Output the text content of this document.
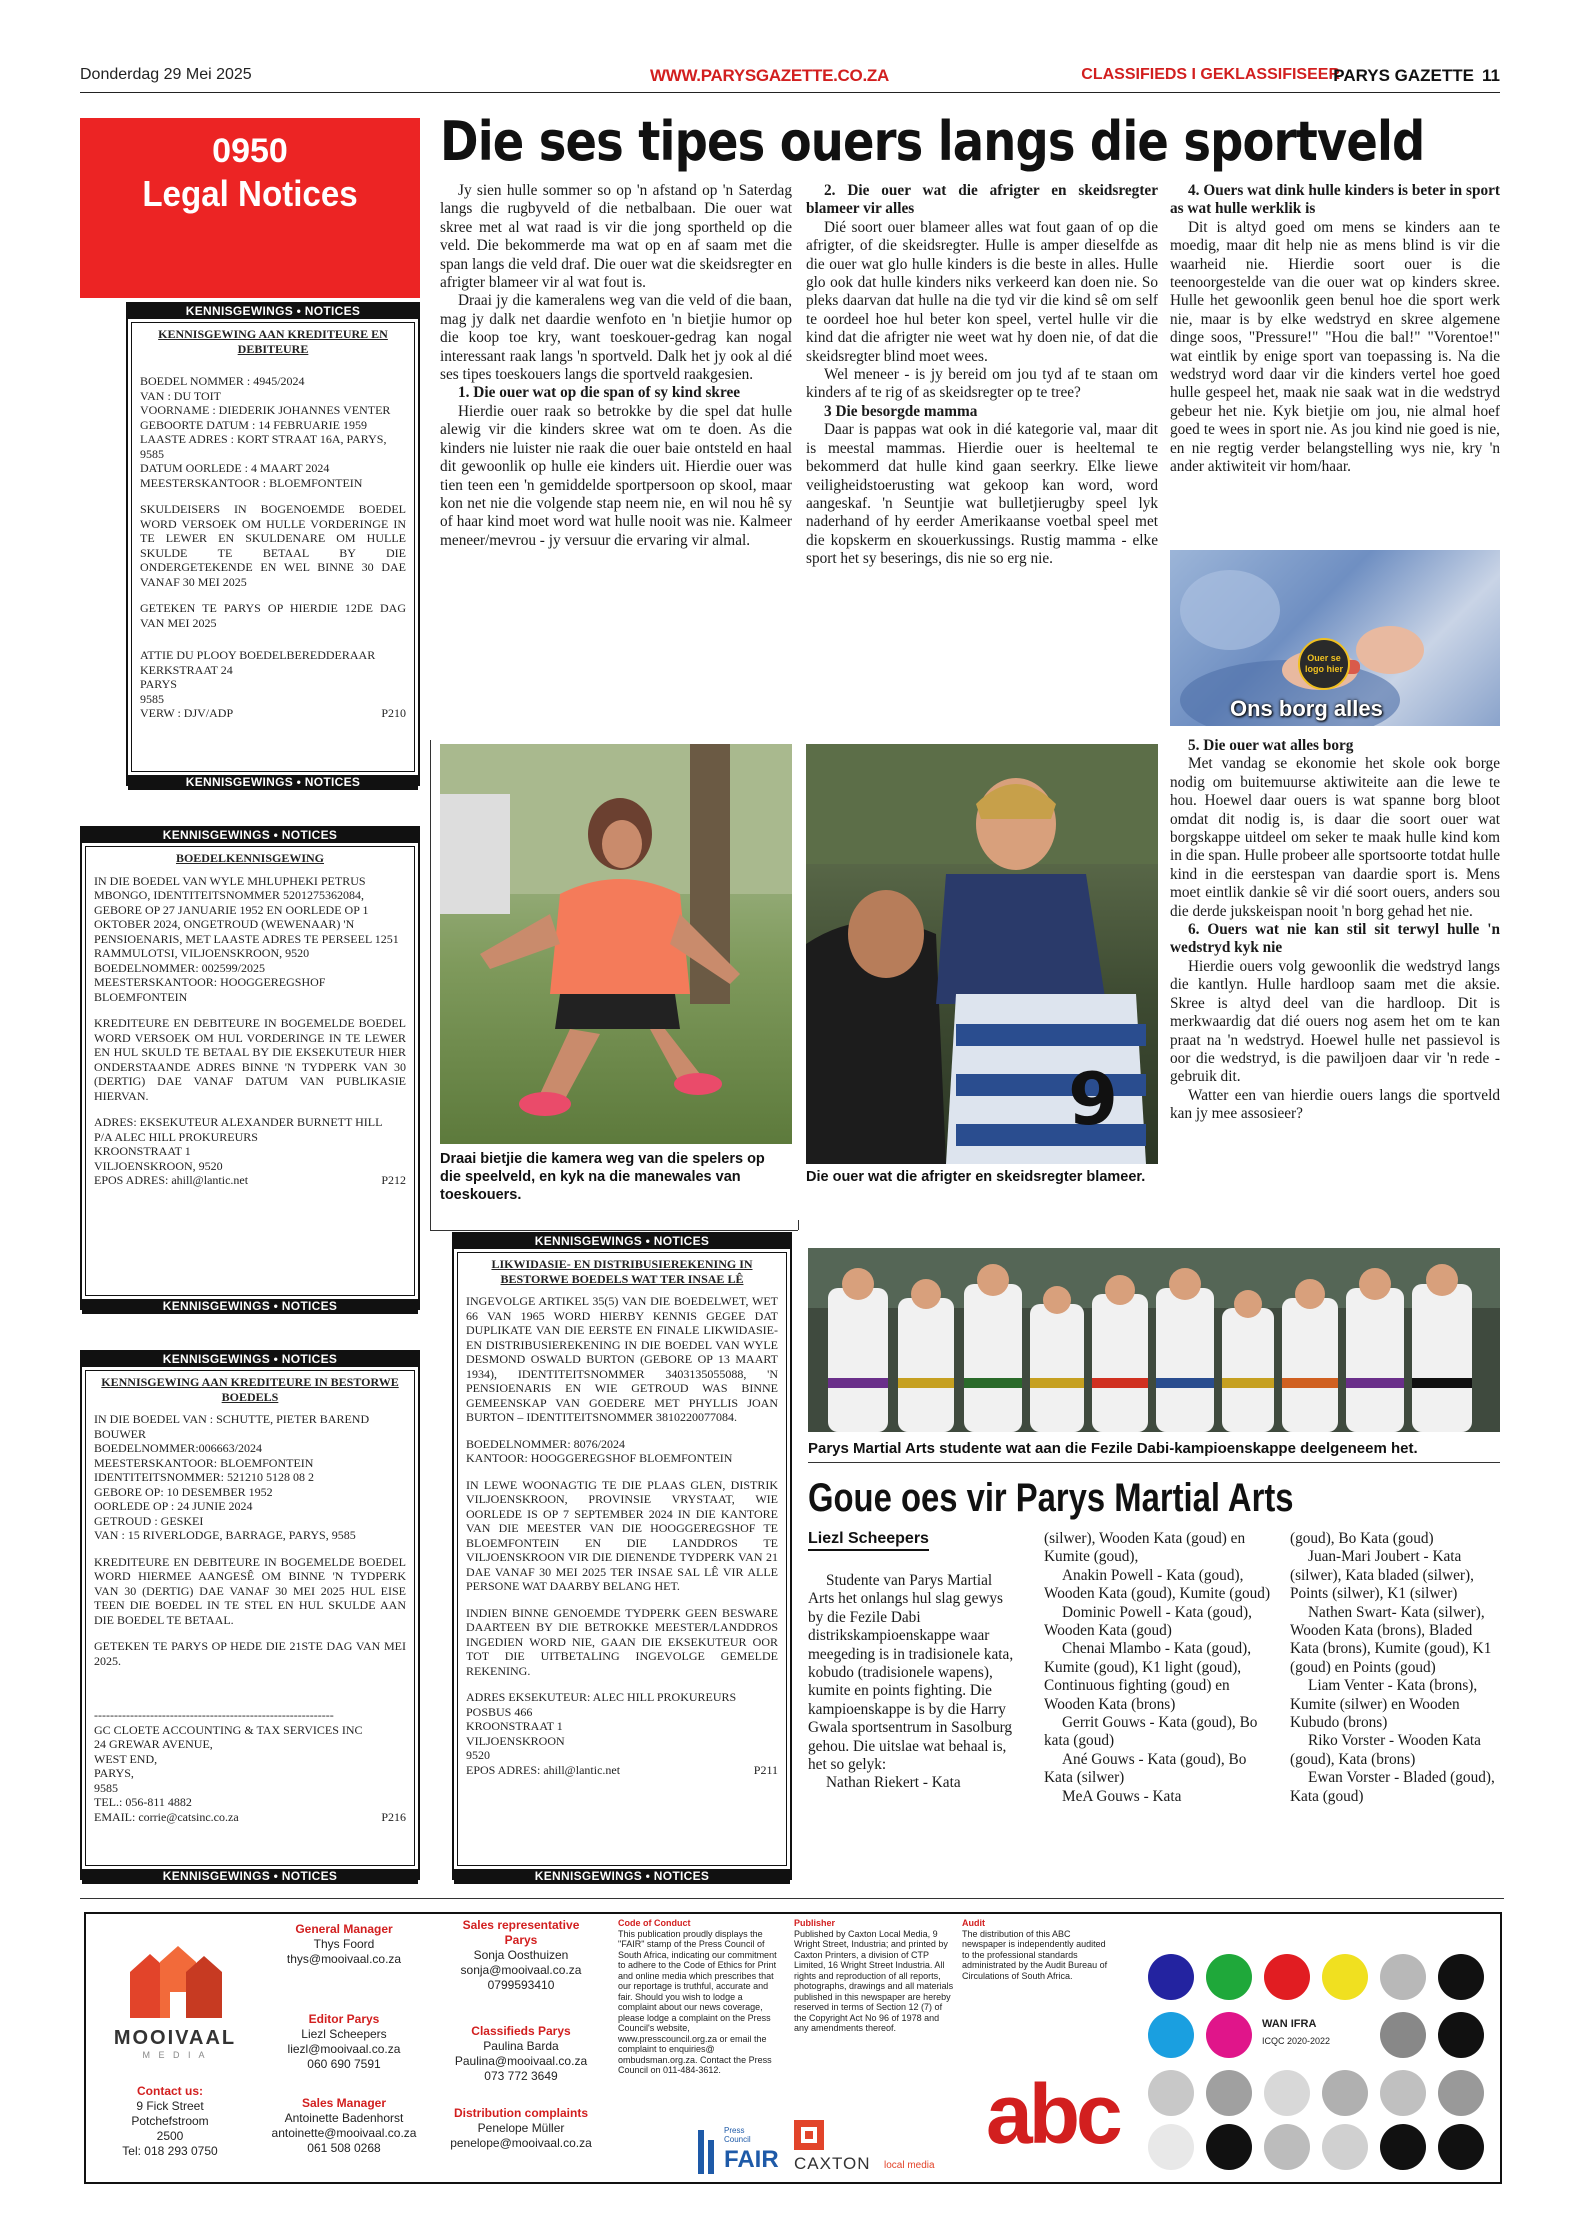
Donderdag 29 Mei 2025	WWW.PARYSGAZETTE.CO.ZA	CLASSIFIEDS I GEKLASSIFISEER
PARYS GAZETTE 11
0950
Legal Notices
KENNISGEWINGS • NOTICES
KENNISGEWING AAN KREDITEURE EN DEBITEURE

BOEDEL NOMMER : 4945/2024
VAN : DU TOIT
VOORNAME : DIEDERIK JOHANNES VENTER
GEBOORTE DATUM : 14 FEBRUARIE 1959
LAASTE ADRES : KORT STRAAT 16A, PARYS, 9585
DATUM OORLEDE : 4 MAART 2024
MEESTERSKANTOOR : BLOEMFONTEIN

SKULDEISERS IN BOGENOEMDE BOEDEL WORD VERSOEK OM HULLE VORDERINGE IN TE LEWER EN SKULDENARE OM HULLE SKULDE TE BETAAL BY DIE ONDERGETEKENDE EN WEL BINNE 30 DAE VANAF 30 MEI 2025

GETEKEN TE PARYS OP HIERDIE 12DE DAG VAN MEI 2025

ATTIE DU PLOOY BOEDELBEREDDERAAR
KERKSTRAAT 24
PARYS
9585
VERW : DJV/ADP	P210
KENNISGEWINGS • NOTICES
KENNISGEWINGS • NOTICES
BOEDELKENNISGEWING

IN DIE BOEDEL VAN WYLE MHLUPHEKI PETRUS MBONGO, IDENTITEITSNOMMER 5201275362084, GEBORE OP 27 JANUARIE 1952 EN OORLEDE OP 1 OKTOBER 2024, ONGETROUD (WEWENAAR) 'N PENSIOENARIS, MET LAASTE ADRES TE PERSEEL 1251 RAMMULOTSI, VILJOENSKROON, 9520
BOEDELNOMMER: 002599/2025
MEESTERSKANTOOR: HOOGGEREGSHOF BLOEMFONTEIN

KREDITEURE EN DEBITEURE IN BOGEMELDE BOEDEL WORD VERSOEK OM HUL VORDERINGE IN TE LEWER EN HUL SKULD TE BETAAL BY DIE EKSEKUTEUR HIER ONDERSTAANDE ADRES BINNE 'N TYDPERK VAN 30 (DERTIG) DAE VANAF DATUM VAN PUBLIKASIE HIERVAN.

ADRES: EKSEKUTEUR ALEXANDER BURNETT HILL
P/A ALEC HILL PROKUREURS
KROONSTRAAT 1
VILJOENSKROON, 9520
EPOS ADRES: ahill@lantic.net	P212
KENNISGEWINGS • NOTICES
KENNISGEWINGS • NOTICES
KENNISGEWING AAN KREDITEURE IN BESTORWE BOEDELS

IN DIE BOEDEL VAN : SCHUTTE, PIETER BAREND BOUWER
BOEDELNOMMER:006663/2024
MEESTERSKANTOOR: BLOEMFONTEIN
IDENTITEITSNOMMER: 521210 5128 08 2
GEBORE OP: 10 DESEMBER 1952
OORLEDE OP : 24 JUNIE 2024
GETROUD : GESKEI
VAN : 15 RIVERLODGE, BARRAGE, PARYS, 9585

KREDITEURE EN DEBITEURE IN BOGEMELDE BOEDEL WORD HIERMEE AANGESÊ OM BINNE 'N TYDPERK VAN 30 (DERTIG) DAE VANAF 30 MEI 2025 HUL EISE TEEN DIE BOEDEL IN TE STEL EN HUL SKULDE AAN DIE BOEDEL TE BETAAL.

GETEKEN TE PARYS OP HEDE DIE 21STE DAG VAN MEI 2025.

------------------------------------------------------------
GC CLOETE ACCOUNTING & TAX SERVICES INC
24 GREWAR AVENUE,
WEST END,
PARYS,
9585
TEL.: 056-811 4882
EMAIL: corrie@catsinc.co.za	P216
KENNISGEWINGS • NOTICES
KENNISGEWINGS • NOTICES
LIKWIDASIE- EN DISTRIBUSIEREKENING IN BESTORWE BOEDELS WAT TER INSAE LÊ

INGEVOLGE ARTIKEL 35(5) VAN DIE BOEDELWET, WET 66 VAN 1965 WORD HIERBY KENNIS GEGEE DAT DUPLIKATE VAN DIE EERSTE EN FINALE LIKWIDASIE- EN DISTRIBUSIEREKENING IN DIE BOEDEL VAN WYLE DESMOND OSWALD BURTON (GEBORE OP 13 MAART 1934), IDENTITEITSNOMMER 3403135055088, 'N PENSIOENARIS EN WIE GETROUD WAS BINNE GEMEENSKAP VAN GOEDERE MET PHYLLIS JOAN BURTON – IDENTITEITSNOMMER 3810220077084.

BOEDELNOMMER: 8076/2024
KANTOOR: HOOGGEREGSHOF BLOEMFONTEIN

IN LEWE WOONAGTIG TE DIE PLAAS GLEN, DISTRIK VILJOENSKROON, PROVINSIE VRYSTAAT, WIE OORLEDE IS OP 7 SEPTEMBER 2024 IN DIE KANTORE VAN DIE MEESTER VAN DIE HOOGGEREGSHOF TE BLOEMFONTEIN EN DIE LANDDROS TE VILJOENSKROON VIR DIE DIENENDE TYDPERK VAN 21 DAE VANAF 30 MEI 2025 TER INSAE SAL LÊ VIR ALLE PERSONE WAT DAARBY BELANG HET.

INDIEN BINNE GENOEMDE TYDPERK GEEN BESWARE DAARTEEN BY DIE BETROKKE MEESTER/LANDDROS INGEDIEN WORD NIE, GAAN DIE EKSEKUTEUR OOR TOT DIE UITBETALING INGEVOLGE GEMELDE REKENING.

ADRES EKSEKUTEUR: ALEC HILL PROKUREURS
POSBUS 466
KROONSTRAAT 1
VILJOENSKROON
9520
EPOS ADRES: ahill@lantic.net	P211
KENNISGEWINGS • NOTICES
Die ses tipes ouers langs die sportveld

Jy sien hulle sommer so op 'n afstand op 'n Saterdag langs die rugbyveld of die netbalbaan. Die ouer wat skree met al wat raad is vir die jong sportheld op die veld. Die bekommerde ma wat op en af saam met die span langs die veld draf. Die ouer wat die skeidsregter en afrigter blameer vir al wat fout is.

Draai jy die kameralens weg van die veld of die baan, mag jy dalk net daardie wenfoto en 'n bietjie humor op die koop toe kry, want toeskouer-gedrag kan nogal interessant raak langs 'n sportveld. Dalk het jy ook al dié ses tipes toeskouers langs die sportveld raakgesien.

1. Die ouer wat op die span of sy kind skree

Hierdie ouer raak so betrokke by die spel dat hulle alewig vir die kinders skree wat om te doen. As die kinders nie luister nie raak die ouer baie ontsteld en haal dit gewoonlik op hulle eie kinders uit. Hierdie ouer was tien teen een 'n gemiddelde sportpersoon op skool, maar kon net nie die volgende stap neem nie, en wil nou hê sy of haar kind moet word wat hulle nooit was nie. Kalmeer meneer/mevrou - jy versuur die ervaring vir almal.

2. Die ouer wat die afrigter en skeidsregter blameer vir alles

Dié soort ouer blameer alles wat fout gaan of op die afrigter, of die skeidsregter. Hulle is amper dieselfde as die ouer wat glo hulle kinders is die beste in alles. Hulle glo ook dat hulle kinders niks verkeerd kan doen nie. So pleks daarvan dat hulle na die tyd vir die kind sê om self te oordeel hoe hul beter kon speel, vertel hulle vir die kind dat die afrigter nie weet wat hy doen nie, of dat die skeidsregter blind moet wees.

Wel meneer - is jy bereid om jou tyd af te staan om kinders af te rig of as skeidsregter op te tree?

3 Die besorgde mamma

Daar is pappas wat ook in dié kategorie val, maar dit is meestal mammas. Hierdie ouer is heeltemal te bekommerd dat hulle kind gaan seerkry. Elke liewe veiligheidstoerusting wat gekoop kan word, word aangeskaf. 'n Seuntjie wat bulletjierugby speel lyk naderhand of hy eerder Amerikaanse voetbal speel met die kopskerm en skouerkussings. Rustig mamma - elke sport het sy beserings, dis nie so erg nie.

4. Ouers wat dink hulle kinders is beter in sport as wat hulle werklik is

Dit is altyd goed om mens se kinders aan te moedig, maar dit help nie as mens blind is vir die waarheid nie. Hierdie soort ouer is die teenoorgestelde van die ouer wat op kinders skree. Hulle het gewoonlik geen benul hoe die sport werk nie, maar is by elke wedstryd en skree algemene dinge soos, "Pressure!" "Hou die bal!" "Vorentoe!" wat eintlik by enige sport van toepassing is. Na die wedstryd word daar vir die kinders vertel hoe goed hulle gespeel het, maak nie saak wat in die wedstryd gebeur het nie. Kyk bietjie om jou, nie almal hoef goed te wees in sport nie. As jou kind nie goed is nie, en nie regtig verder belangstelling wys nie, kry 'n ander aktiwiteit vir hom/haar.

Ouer se logo hier
Ons borg alles
5. Die ouer wat alles borg

Met vandag se ekonomie het skole ook borge nodig om buitemuurse aktiwiteite aan die lewe te hou. Hoewel daar ouers is wat spanne borg bloot omdat dit nodig is, is daar die soort ouer wat borgskappe uitdeel om seker te maak hulle kind kom in die span. Hulle probeer alle sportsoorte totdat hulle kind in die eerstespan van daardie sport is. Mens moet eintlik dankie sê vir dié soort ouers, anders sou die derde jukskeispan nooit 'n borg gehad het nie.

6. Ouers wat nie kan stil sit terwyl hulle 'n wedstryd kyk nie

Hierdie ouers volg gewoonlik die wedstryd langs die kantlyn. Hulle hardloop saam met die aksie. Skree is altyd deel van die hardloop. Dit is merkwaardig dat dié ouers nog asem het om te kan praat na 'n wedstryd. Hoewel hulle net passievol is oor die wedstryd, is die pawiljoen daar vir 'n rede - gebruik dit.

Watter een van hierdie ouers langs die sportveld kan jy mee assosieer?

Draai bietjie die kamera weg van die spelers op die speelveld, en kyk na die manewales van toeskouers.
9
Die ouer wat die afrigter en skeidsregter blameer.
Parys Martial Arts studente wat aan die Fezile Dabi-kampioenskappe deelgeneem het.
Goue oes vir Parys Martial Arts
Liezl Scheepers

Studente van Parys Martial Arts het onlangs hul slag gewys by die Fezile Dabi distrikskampioenskappe waar meegeding is in tradisionele kata, kobudo (tradisionele wapens), kumite en points fighting. Die kampioenskappe is by die Harry Gwala sportsentrum in Sasolburg gehou. Die uitslae wat behaal is, het so gelyk:

Nathan Riekert - Kata

(silwer), Wooden Kata (goud) en Kumite (goud),

Anakin Powell - Kata (goud), Wooden Kata (goud), Kumite (goud)

Dominic Powell - Kata (goud), Wooden Kata (goud)

Chenai Mlambo - Kata (goud), Kumite (goud), K1 light (goud), Continuous fighting (goud) en Wooden Kata (brons)

Gerrit Gouws - Kata (goud), Bo kata (goud)

Ané Gouws - Kata (goud), Bo Kata (silwer)

MeA Gouws - Kata

(goud), Bo Kata (goud)

Juan-Mari Joubert - Kata (silwer), Kata bladed (silwer), Points (silwer), K1 (silwer)

Nathen Swart- Kata (silwer), Wooden Kata (brons), Bladed Kata (brons), Kumite (goud), K1 (goud) en Points (goud)

Liam Venter - Kata (brons), Kumite (silwer) en Wooden Kubudo (brons)

Riko Vorster - Wooden Kata (goud), Kata (brons)

Ewan Vorster - Bladed (goud), Kata (goud)

MOOIVAAL
M E D I A
Contact us:
9 Fick Street
Potchefstroom
2500
Tel: 018 293 0750
General Manager
Thys Foord
thys@mooivaal.co.za
Editor Parys
Liezl Scheepers
liezl@mooivaal.co.za
060 690 7591
Sales Manager
Antoinette Badenhorst
antoinette@mooivaal.co.za
061 508 0268
Sales representative Parys
Sonja Oosthuizen
sonja@mooivaal.co.za
0799593410
Classifieds Parys
Paulina Barda
Paulina@mooivaal.co.za
073 772 3649
Distribution complaints
Penelope Müller
penelope@mooivaal.co.za
Code of Conduct
This publication proudly displays the "FAIR" stamp of the Press Council of South Africa, indicating our commitment to adhere to the Code of Ethics for Print and online media which prescribes that our reportage is truthful, accurate and fair. Should you wish to lodge a complaint about our news coverage, please lodge a complaint on the Press Council's website, www.presscouncil.org.za or email the complaint to enquiries@ ombudsman.org.za. Contact the Press Council on 011-484-3612.
Press Council
FAIR
Publisher
Published by Caxton Local Media, 9 Wright Street, Industria; and printed by Caxton Printers, a division of CTP Limited, 16 Wright Street Industria. All rights and reproduction of all reports, photographs, drawings and all materials published in this newspaper are hereby reserved in terms of Section 12 (7) of the Copyright Act No 96 of 1978 and any amendments thereof.
CAXTON local media
Audit
The distribution of this ABC newspaper is independently audited to the professional standards administrated by the Audit Bureau of Circulations of South Africa.
abc
WAN IFRA
ICQC 2020-2022
